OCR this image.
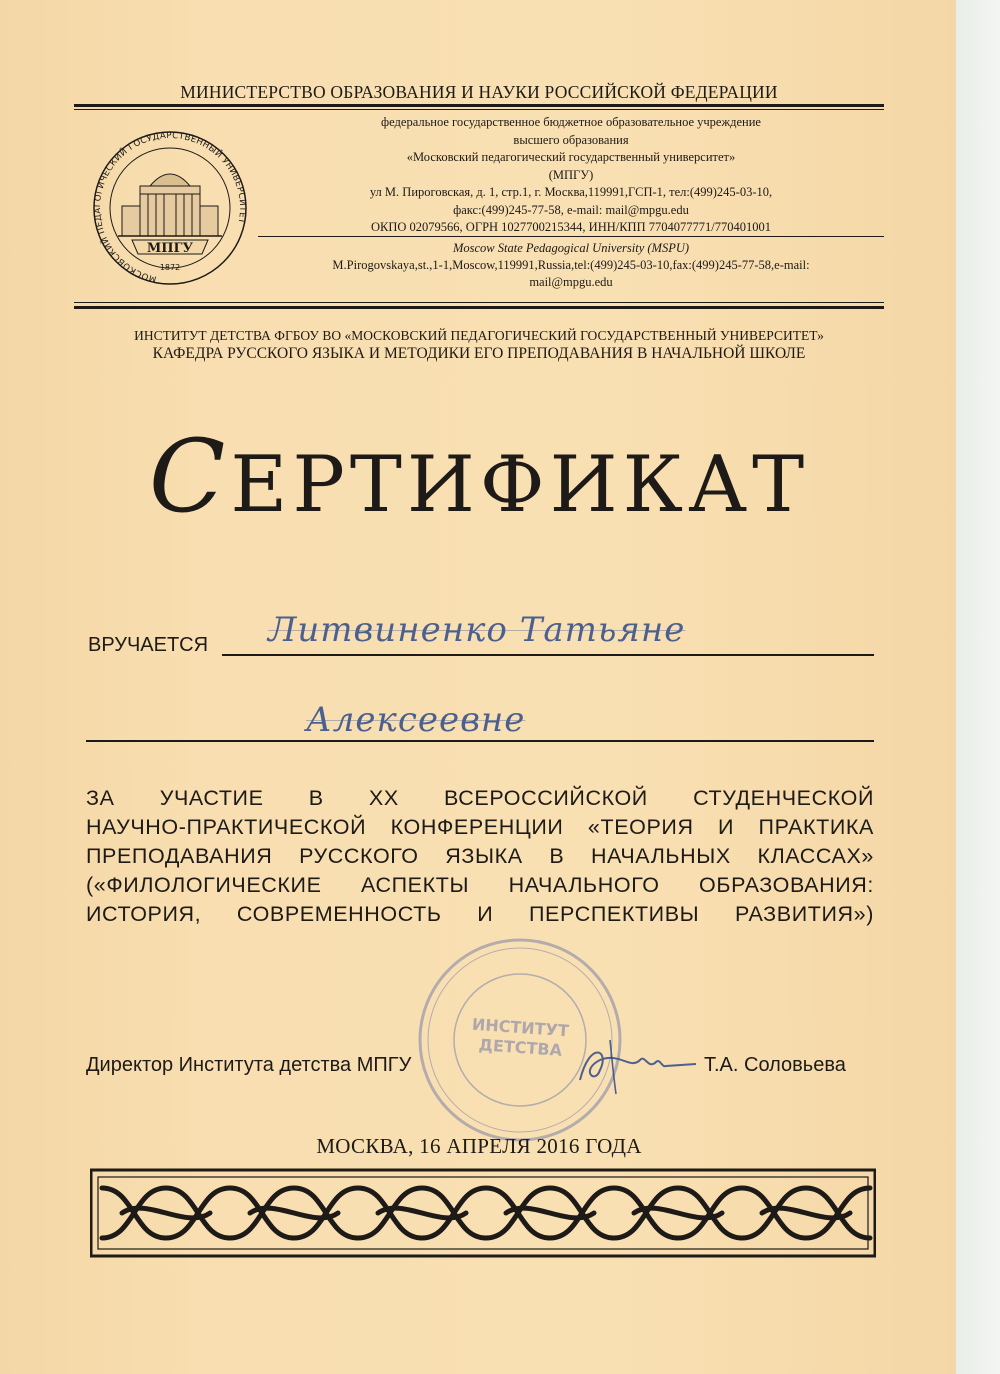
МИНИСТЕРСТВО ОБРАЗОВАНИЯ И НАУКИ РОССИЙСКОЙ ФЕДЕРАЦИИ
МОСКОВСКИЙ ПЕДАГОГИЧЕСКИЙ ГОСУДАРСТВЕННЫЙ УНИВЕРСИТЕТ
МПГУ
1872
федеральное государственное бюджетное образовательное учреждение
высшего образования
«Московский педагогический государственный университет»
(МПГУ)
ул М. Пироговская, д. 1, стр.1, г. Москва,119991,ГСП-1, тел:(499)245-03-10,
факс:(499)245-77-58, e-mail: mail@mpgu.edu
ОКПО 02079566, ОГРН 1027700215344, ИНН/КПП 7704077771/770401001
Moscow State Pedagogical University (MSPU)
M.Pirogovskaya,st.,1-1,Moscow,119991,Russia,tel:(499)245-03-10,fax:(499)245-77-58,e-mail:
mail@mpgu.edu
ИНСТИТУТ ДЕТСТВА ФГБОУ ВО «МОСКОВСКИЙ ПЕДАГОГИЧЕСКИЙ ГОСУДАРСТВЕННЫЙ УНИВЕРСИТЕТ»
КАФЕДРА РУССКОГО ЯЗЫКА И МЕТОДИКИ ЕГО ПРЕПОДАВАНИЯ В НАЧАЛЬНОЙ ШКОЛЕ
СЕРТИФИКАТ
ВРУЧАЕТСЯ Литвиненко Татьяне
Алексеевне
ЗА УЧАСТИЕ В XX ВСЕРОССИЙСКОЙ СТУДЕНЧЕСКОЙ
НАУЧНО-ПРАКТИЧЕСКОЙ КОНФЕРЕНЦИИ «ТЕОРИЯ И ПРАКТИКА
ПРЕПОДАВАНИЯ РУССКОГО ЯЗЫКА В НАЧАЛЬНЫХ КЛАССАХ»
(«ФИЛОЛОГИЧЕСКИЕ АСПЕКТЫ НАЧАЛЬНОГО ОБРАЗОВАНИЯ:
ИСТОРИЯ, СОВРЕМЕННОСТЬ И ПЕРСПЕКТИВЫ РАЗВИТИЯ»)
ИНСТИТУТ
ДЕТСТВА
Директор Института детства МПГУ	Т.А. Соловьева
МОСКВА, 16 АПРЕЛЯ 2016 ГОДА
